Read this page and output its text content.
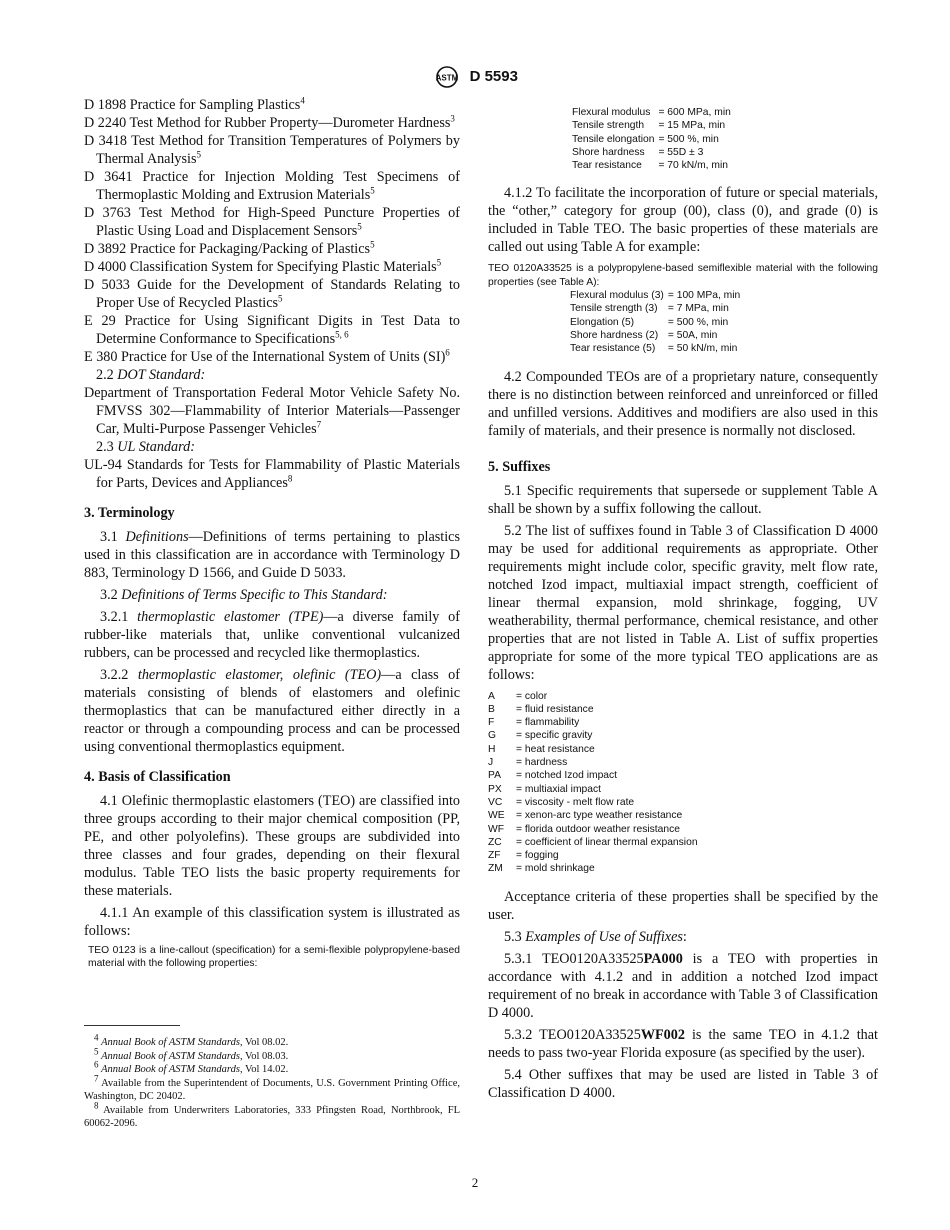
ASTM D 5593

D 1898 Practice for Sampling Plastics$^4$

D 2240 Test Method for Rubber Property—Durometer Hardness$^3$

D 3418 Test Method for Transition Temperatures of Polymers by Thermal Analysis$^5$

D 3641 Practice for Injection Molding Test Specimens of Thermoplastic Molding and Extrusion Materials$^5$

D 3763 Test Method for High-Speed Puncture Properties of Plastic Using Load and Displacement Sensors$^5$

D 3892 Practice for Packaging/Packing of Plastics$^5$

D 4000 Classification System for Specifying Plastic Materials$^5$

D 5033 Guide for the Development of Standards Relating to Proper Use of Recycled Plastics$^5$

E 29 Practice for Using Significant Digits in Test Data to Determine Conformance to Specifications$^{5, 6}$

E 380 Practice for Use of the International System of Units (SI)$^6$

2.2 DOT Standard:

Department of Transportation Federal Motor Vehicle Safety No. FMVSS 302—Flammability of Interior Materials—Passenger Car, Multi-Purpose Passenger Vehicles$^7$

2.3 UL Standard:

UL-94 Standards for Tests for Flammability of Plastic Materials for Parts, Devices and Appliances$^8$

3. Terminology

3.1 Definitions—Definitions of terms pertaining to plastics used in this classification are in accordance with Terminology D 883, Terminology D 1566, and Guide D 5033.

3.2 Definitions of Terms Specific to This Standard:

3.2.1 thermoplastic elastomer (TPE)—a diverse family of rubber-like materials that, unlike conventional vulcanized rubbers, can be processed and recycled like thermoplastics.

3.2.2 thermoplastic elastomer, olefinic (TEO)—a class of materials consisting of blends of elastomers and olefinic thermoplastics that can be manufactured either directly in a reactor or through a compounding process and can be processed using conventional thermoplastics equipment.

4. Basis of Classification

4.1 Olefinic thermoplastic elastomers (TEO) are classified into three groups according to their major chemical composition (PP, PE, and other polyolefins). These groups are subdivided into three classes and four grades, depending on their flexural modulus. Table TEO lists the basic property requirements for these materials.

4.1.1 An example of this classification system is illustrated as follows:

TEO 0123 is a line-callout (specification) for a semi-flexible polypropylene-based material with the following properties:

$^4$ Annual Book of ASTM Standards, Vol 08.02.

$^5$ Annual Book of ASTM Standards, Vol 08.03.

$^6$ Annual Book of ASTM Standards, Vol 14.02.

$^7$ Available from the Superintendent of Documents, U.S. Government Printing Office, Washington, DC 20402.

$^8$ Available from Underwriters Laboratories, 333 Pfingsten Road, Northbrook, FL 60062-2096.

Flexural modulus	= 600 MPa, min
Tensile strength	= 15 MPa, min
Tensile elongation	= 500 %, min
Shore hardness	= 55D ± 3
Tear resistance	= 70 kN/m, min

4.1.2 To facilitate the incorporation of future or special materials, the “other,” category for group (00), class (0), and grade (0) is included in Table TEO. The basic properties of these materials are called out using Table A for example:

TEO 0120A33525 is a polypropylene-based semiflexible material with the following properties (see Table A):

Flexural modulus (3)	= 100 MPa, min
Tensile strength (3)	= 7 MPa, min
Elongation (5)	= 500 %, min
Shore hardness (2)	= 50A, min
Tear resistance (5)	= 50 kN/m, min

4.2 Compounded TEOs are of a proprietary nature, consequently there is no distinction between reinforced and unreinforced or filled and unfilled versions. Additives and modifiers are also used in this family of materials, and their presence is normally not disclosed.

5. Suffixes

5.1 Specific requirements that supersede or supplement Table A shall be shown by a suffix following the callout.

5.2 The list of suffixes found in Table 3 of Classification D 4000 may be used for additional requirements as appropriate. Other requirements might include color, specific gravity, melt flow rate, notched Izod impact, multiaxial impact strength, coefficient of linear thermal expansion, mold shrinkage, fogging, UV weatherability, thermal performance, chemical resistance, and other properties that are not listed in Table A. List of suffix properties appropriate for some of the more typical TEO applications are as follows:

A	= color
B	= fluid resistance
F	= flammability
G	= specific gravity
H	= heat resistance
J	= hardness
PA	= notched Izod impact
PX	= multiaxial impact
VC	= viscosity - melt flow rate
WE	= xenon-arc type weather resistance
WF	= florida outdoor weather resistance
ZC	= coefficient of linear thermal expansion
ZF	= fogging
ZM	= mold shrinkage

Acceptance criteria of these properties shall be specified by the user.

5.3 Examples of Use of Suffixes:

5.3.1 TEO0120A33525PA000 is a TEO with properties in accordance with 4.1.2 and in addition a notched Izod impact requirement of no break in accordance with Table 3 of Classification D 4000.

5.3.2 TEO0120A33525WF002 is the same TEO in 4.1.2 that needs to pass two-year Florida exposure (as specified by the user).

5.4 Other suffixes that may be used are listed in Table 3 of Classification D 4000.

2
